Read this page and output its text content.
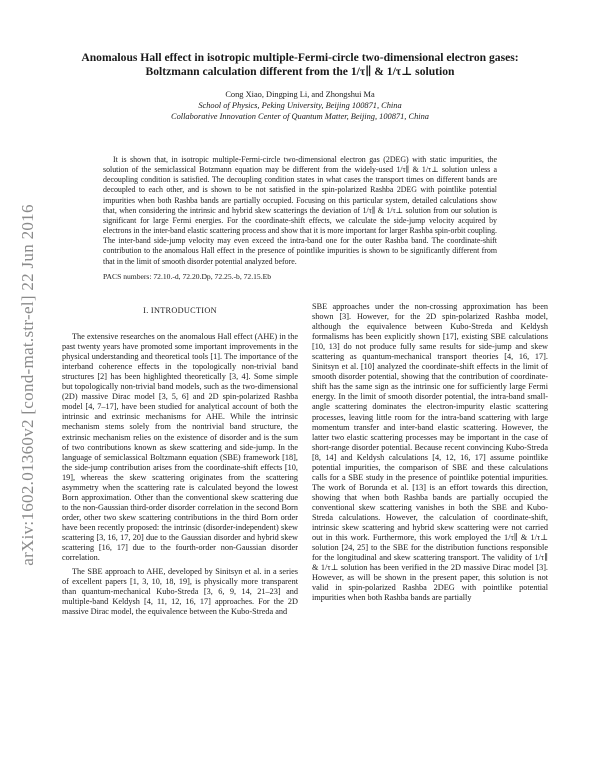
arXiv:1602.01360v2 [cond-mat.str-el] 22 Jun 2016
Anomalous Hall effect in isotropic multiple-Fermi-circle two-dimensional electron gases: Boltzmann calculation different from the 1/τ∥ & 1/τ⊥ solution
Cong Xiao, Dingping Li, and Zhongshui Ma
School of Physics, Peking University, Beijing 100871, China
Collaborative Innovation Center of Quantum Matter, Beijing, 100871, China

It is shown that, in isotropic multiple-Fermi-circle two-dimensional electron gas (2DEG) with static impurities, the solution of the semiclassical Botzmann equation may be different from the widely-used 1/τ∥ & 1/τ⊥ solution unless a decoupling condition is satisfied. The decoupling condition states in what cases the transport times on different bands are decoupled to each other, and is shown to be not satisfied in the spin-polarized Rashba 2DEG with pointlike potential impurities when both Rashba bands are partially occupied. Focusing on this particular system, detailed calculations show that, when considering the intrinsic and hybrid skew scatterings the deviation of 1/τ∥ & 1/τ⊥ solution from our solution is significant for large Fermi energies. For the coordinate-shift effects, we calculate the side-jump velocity acquired by electrons in the inter-band elastic scattering process and show that it is more important for larger Rashba spin-orbit coupling. The inter-band side-jump velocity may even exceed the intra-band one for the outer Rashba band. The coordinate-shift contribution to the anomalous Hall effect in the presence of pointlike impurities is shown to be significantly different from that in the limit of smooth disorder potential analyzed before.

PACS numbers: 72.10.-d, 72.20.Dp, 72.25.-b, 72.15.Eb
I. INTRODUCTION

The extensive researches on the anomalous Hall effect (AHE) in the past twenty years have promoted some important improvements in the physical understanding and theoretical tools [1]. The importance of the interband coherence effects in the topologically non-trivial band structures [2] has been highlighted theoretically [3, 4]. Some simple but topologically non-trivial band models, such as the two-dimensional (2D) massive Dirac model [3, 5, 6] and 2D spin-polarized Rashba model [4, 7–17], have been studied for analytical account of both the intrinsic and extrinsic mechanisms for AHE. While the intrinsic mechanism stems solely from the nontrivial band structure, the extrinsic mechanism relies on the existence of disorder and is the sum of two contributions known as skew scattering and side-jump. In the language of semiclassical Boltzmann equation (SBE) framework [18], the side-jump contribution arises from the coordinate-shift effects [10, 19], whereas the skew scattering originates from the scattering asymmetry when the scattering rate is calculated beyond the lowest Born approximation. Other than the conventional skew scattering due to the non-Gaussian third-order disorder correlation in the second Born order, other two skew scattering contributions in the third Born order have been recently proposed: the intrinsic (disorder-independent) skew scattering [3, 16, 17, 20] due to the Gaussian disorder and hybrid skew scattering [16, 17] due to the fourth-order non-Gaussian disorder correlation.

The SBE approach to AHE, developed by Sinitsyn et al. in a series of excellent papers [1, 3, 10, 18, 19], is physically more transparent than quantum-mechanical Kubo-Streda [3, 6, 9, 14, 21–23] and multiple-band Keldysh [4, 11, 12, 16, 17] approaches. For the 2D massive Dirac model, the equivalence between the Kubo-Streda and

SBE approaches under the non-crossing approximation has been shown [3]. However, for the 2D spin-polarized Rashba model, although the equivalence between Kubo-Streda and Keldysh formalisms has been explicitly shown [17], existing SBE calculations [10, 13] do not produce fully same results for side-jump and skew scattering as quantum-mechanical transport theories [4, 16, 17]. Sinitsyn et al. [10] analyzed the coordinate-shift effects in the limit of smooth disorder potential, showing that the contribution of coordinate-shift has the same sign as the intrinsic one for sufficiently large Fermi energy. In the limit of smooth disorder potential, the intra-band small-angle scattering dominates the electron-impurity elastic scattering processes, leaving little room for the intra-band scattering with large momentum transfer and inter-band elastic scattering. However, the latter two elastic scattering processes may be important in the case of short-range disorder potential. Because recent convincing Kubo-Streda [8, 14] and Keldysh calculations [4, 12, 16, 17] assume pointlike potential impurities, the comparison of SBE and these calculations calls for a SBE study in the presence of pointlike potential impurities. The work of Borunda et al. [13] is an effort towards this direction, showing that when both Rashba bands are partially occupied the conventional skew scattering vanishes in both the SBE and Kubo-Streda calculations. However, the calculation of coordinate-shift, intrinsic skew scattering and hybrid skew scattering were not carried out in this work. Furthermore, this work employed the 1/τ∥ & 1/τ⊥ solution [24, 25] to the SBE for the distribution functions responsible for the longitudinal and skew scattering transport. The validity of 1/τ∥ & 1/τ⊥ solution has been verified in the 2D massive Dirac model [3]. However, as will be shown in the present paper, this solution is not valid in spin-polarized Rashba 2DEG with pointlike potential impurities when both Rashba bands are partially
